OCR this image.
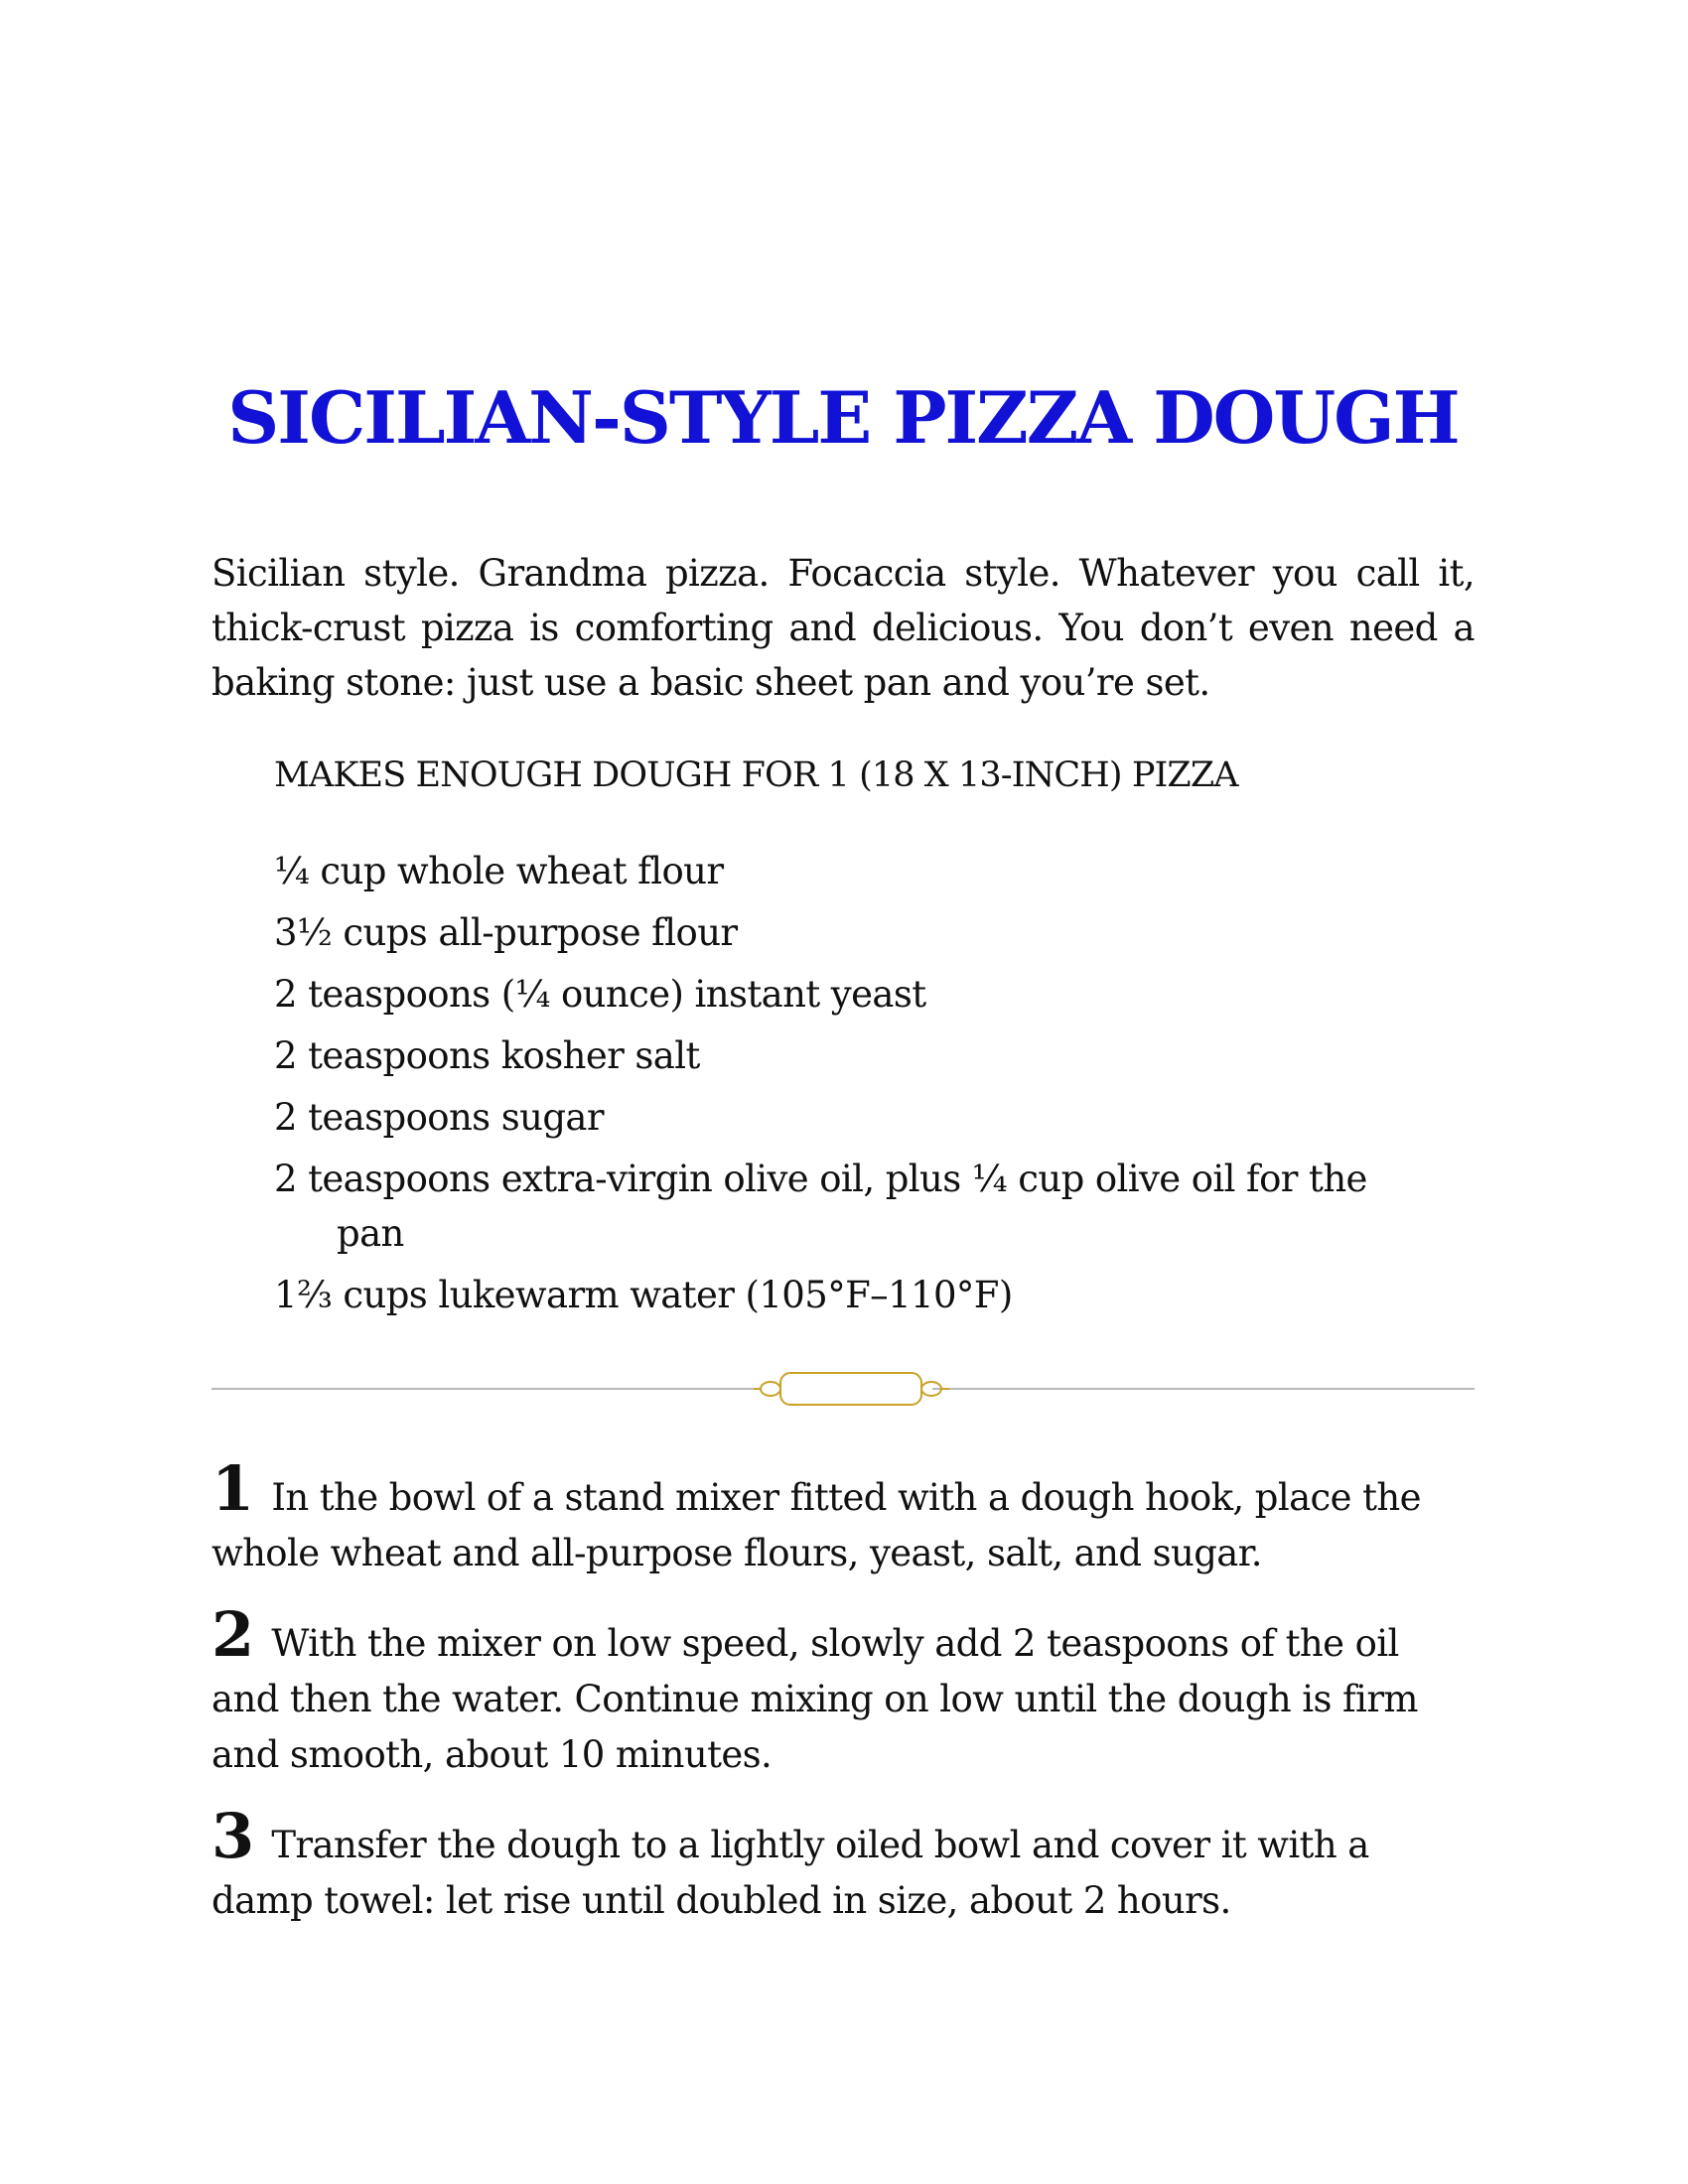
SICILIAN-STYLE PIZZA DOUGH

Sicilian style. Grandma pizza. Focaccia style. Whatever you call it, thick-crust pizza is comforting and delicious. You don’t even need a baking stone: just use a basic sheet pan and you’re set.

MAKES ENOUGH DOUGH FOR 1 (18 X 13-INCH) PIZZA

¼ cup whole wheat flour
3½ cups all-purpose flour
2 teaspoons (¼ ounce) instant yeast
2 teaspoons kosher salt
2 teaspoons sugar
2 teaspoons extra-virgin olive oil, plus ¼ cup olive oil for the pan
1⅔ cups lukewarm water (105°F–110°F)

1 In the bowl of a stand mixer fitted with a dough hook, place the whole wheat and all-purpose flours, yeast, salt, and sugar.

2 With the mixer on low speed, slowly add 2 teaspoons of the oil and then the water. Continue mixing on low until the dough is firm and smooth, about 10 minutes.

3 Transfer the dough to a lightly oiled bowl and cover it with a damp towel: let rise until doubled in size, about 2 hours.
